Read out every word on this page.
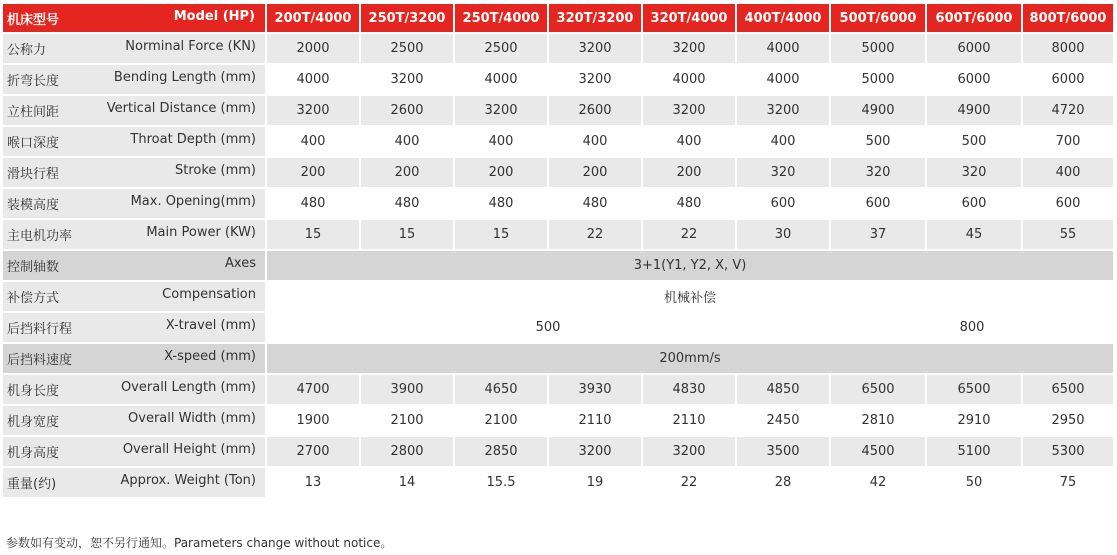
机床型号 Model (HP)	200T/4000	250T/3200	250T/4000	320T/3200	320T/4000	400T/4000	500T/6000	600T/6000	800T/6000

公称力 Norminal Force (KN)	2000	2500	2500	3200	3200	4000	5000	6000	8000

折弯长度 Bending Length (mm)	4000	3200	4000	3200	4000	4000	5000	6000	6000

立柱间距 Vertical Distance (mm)	3200	2600	3200	2600	3200	3200	4900	4900	4720

喉口深度 Throat Depth (mm)	400	400	400	400	400	400	500	500	700

滑块行程 Stroke (mm)	200	200	200	200	200	320	320	320	400

装模高度 Max. Opening(mm)	480	480	480	480	480	600	600	600	600

主电机功率 Main Power (KW)	15	15	15	22	22	30	37	45	55

控制轴数 Axes	3+1(Y1, Y2, X, V)								

补偿方式 Compensation	机械补偿								

后挡料行程 X-travel (mm)	500						800		

后挡料速度 X-speed (mm)	200mm/s								

机身长度 Overall Length (mm)	4700	3900	4650	3930	4830	4850	6500	6500	6500

机身宽度 Overall Width (mm)	1900	2100	2100	2110	2110	2450	2810	2910	2950

机身高度 Overall Height (mm)	2700	2800	2850	3200	3200	3500	4500	5100	5300

重量(约) Approx. Weight (Ton)	13	14	15.5	19	22	28	42	50	75
参数如有变动，恕不另行通知。Parameters change without notice。
